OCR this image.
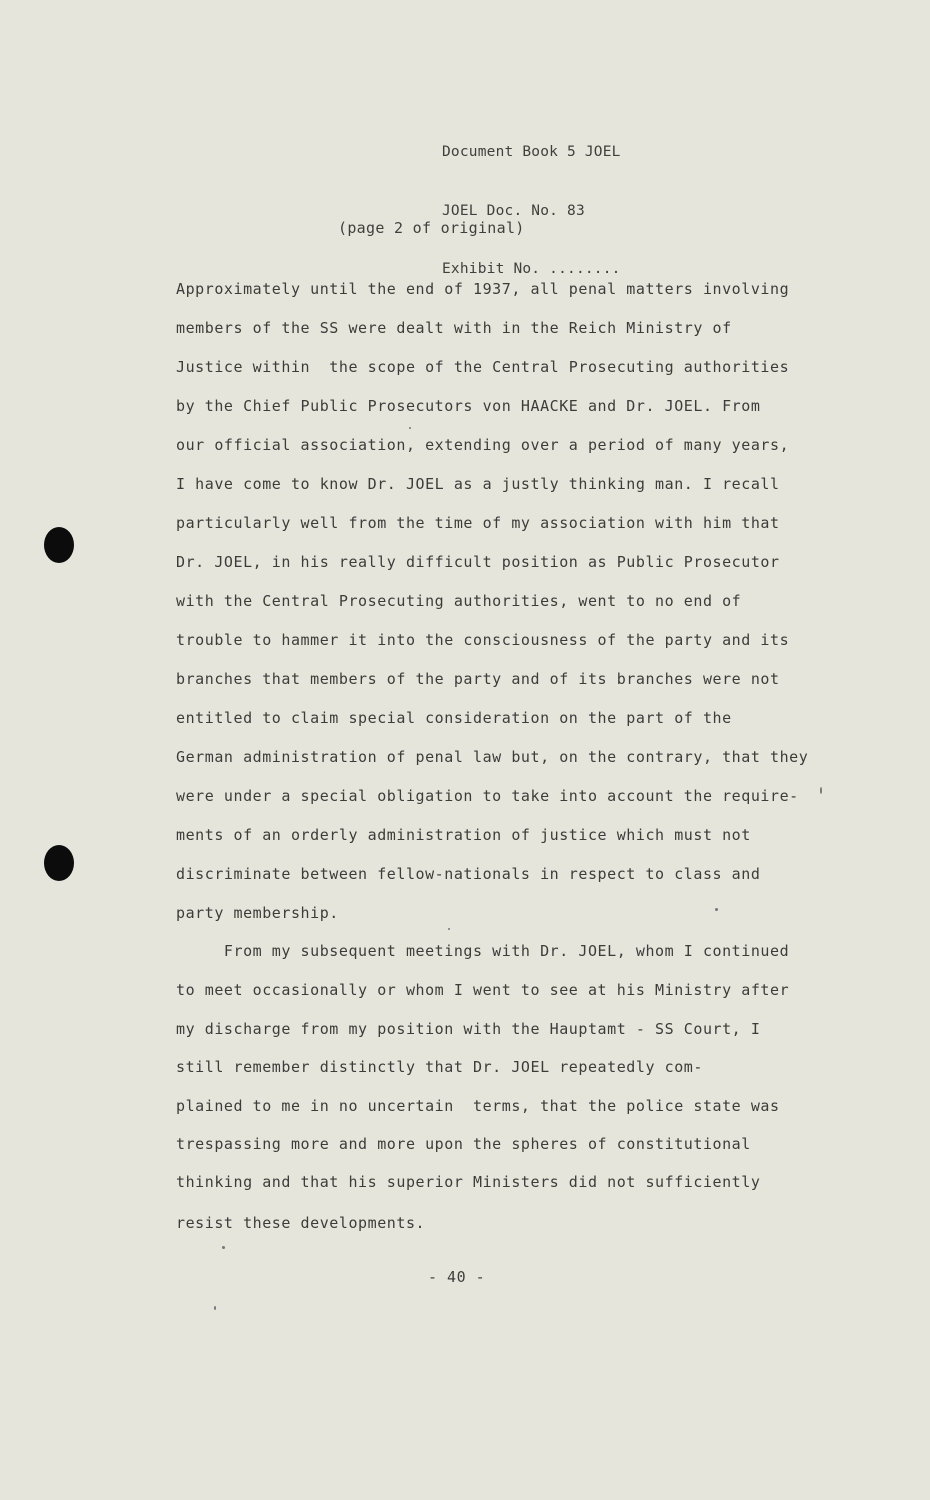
Document Book 5 JOEL

JOEL Doc. No. 83

Exhibit No. ........

(page 2 of original)
Approximately until the end of 1937, all penal matters involving
members of the SS were dealt with in the Reich Ministry of
Justice within  the scope of the Central Prosecuting authorities
by the Chief Public Prosecutors von HAACKE and Dr. JOEL. From
our official association, extending over a period of many years,
I have come to know Dr. JOEL as a justly thinking man. I recall
particularly well from the time of my association with him that
Dr. JOEL, in his really difficult position as Public Prosecutor
with the Central Prosecuting authorities, went to no end of
trouble to hammer it into the consciousness of the party and its
branches that members of the party and of its branches were not
entitled to claim special consideration on the part of the
German administration of penal law but, on the contrary, that they
were under a special obligation to take into account the require-
ments of an orderly administration of justice which must not
discriminate between fellow-nationals in respect to class and
party membership.
From my subsequent meetings with Dr. JOEL, whom I continued
to meet occasionally or whom I went to see at his Ministry after
my discharge from my position with the Hauptamt - SS Court, I
still remember distinctly that Dr. JOEL repeatedly com-
plained to me in no uncertain  terms, that the police state was
trespassing more and more upon the spheres of constitutional
thinking and that his superior Ministers did not sufficiently
resist these developments.
- 40 -
